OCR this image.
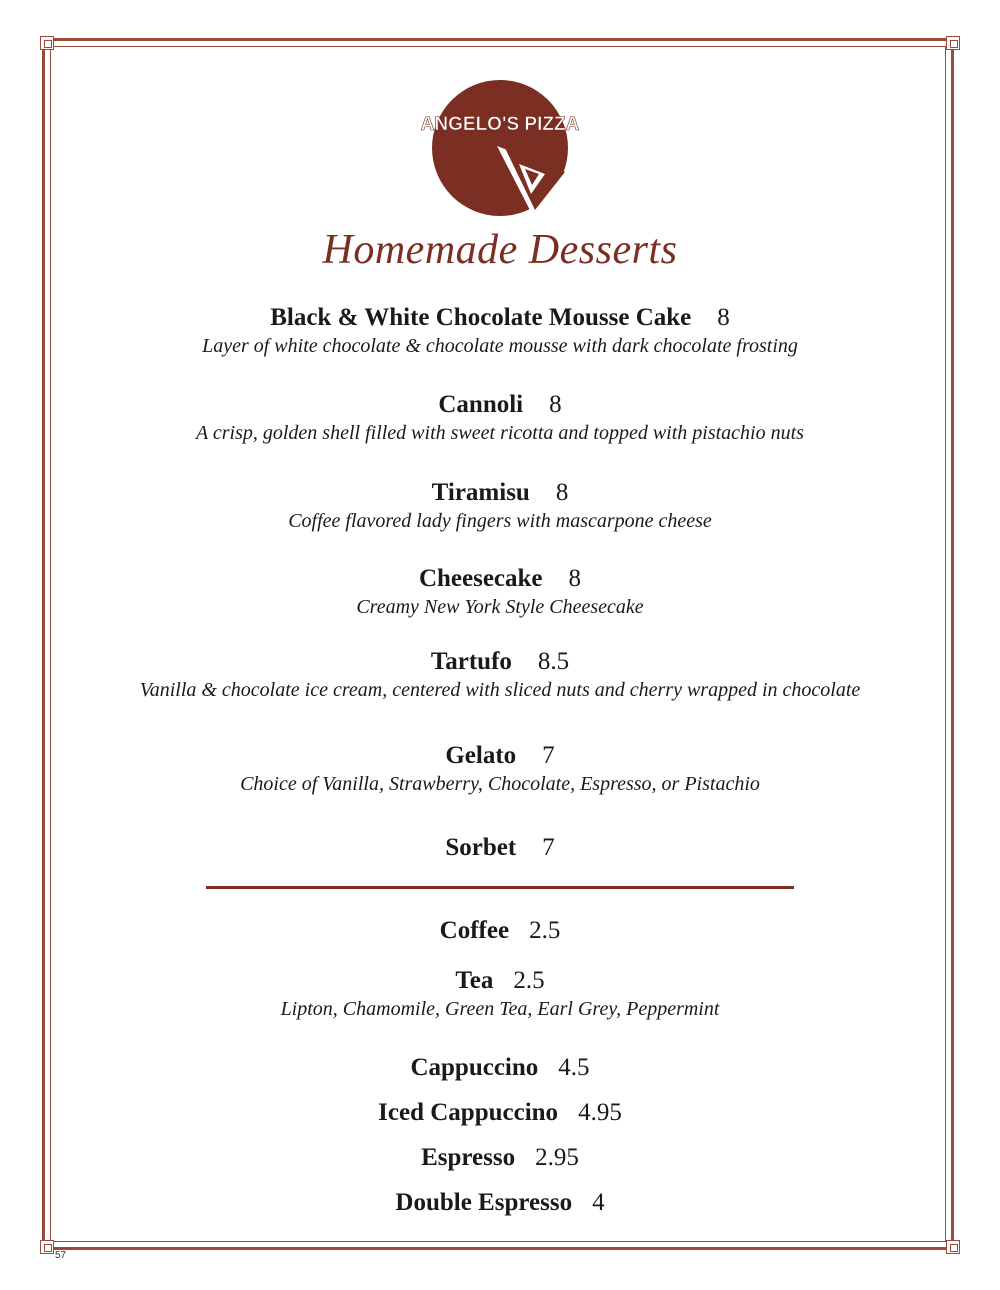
ANGELO'S PIZZA
Homemade Desserts
Black & White Chocolate Mousse Cake 8
Layer of white chocolate & chocolate mousse with dark chocolate frosting
Cannoli 8
A crisp, golden shell filled with sweet ricotta and topped with pistachio nuts
Tiramisu 8
Coffee flavored lady fingers with mascarpone cheese
Cheesecake 8
Creamy New York Style Cheesecake
Tartufo 8.5
Vanilla & chocolate ice cream, centered with sliced nuts and cherry wrapped in chocolate
Gelato 7
Choice of Vanilla, Strawberry, Chocolate, Espresso, or Pistachio
Sorbet 7
Coffee 2.5
Tea 2.5
Lipton, Chamomile, Green Tea, Earl Grey, Peppermint
Cappuccino 4.5
Iced Cappuccino 4.95
Espresso 2.95
Double Espresso 4
57
